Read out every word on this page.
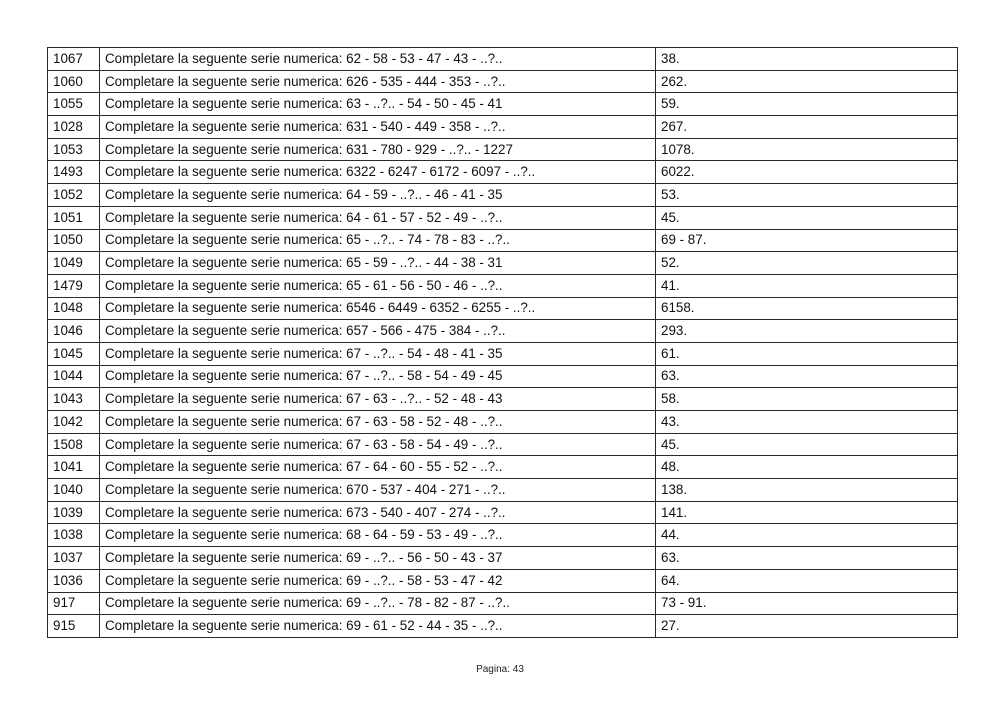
1067	Completare la seguente serie numerica: 62 - 58 - 53 - 47 - 43 - ..?..	38.
1060	Completare la seguente serie numerica: 626 - 535 - 444 - 353 - ..?..	262.
1055	Completare la seguente serie numerica: 63 - ..?.. - 54 - 50 - 45 - 41	59.
1028	Completare la seguente serie numerica: 631 - 540 - 449 - 358 - ..?..	267.
1053	Completare la seguente serie numerica: 631 - 780 - 929 - ..?.. - 1227	1078.
1493	Completare la seguente serie numerica: 6322 - 6247 - 6172 - 6097 - ..?..	6022.
1052	Completare la seguente serie numerica: 64 - 59 - ..?.. - 46 - 41 - 35	53.
1051	Completare la seguente serie numerica: 64 - 61 - 57 - 52 - 49 - ..?..	45.
1050	Completare la seguente serie numerica: 65 - ..?.. - 74 - 78 - 83 - ..?..	69 - 87.
1049	Completare la seguente serie numerica: 65 - 59 - ..?.. - 44 - 38 - 31	52.
1479	Completare la seguente serie numerica: 65 - 61 - 56 - 50 - 46 - ..?..	41.
1048	Completare la seguente serie numerica: 6546 - 6449 - 6352 - 6255 - ..?..	6158.
1046	Completare la seguente serie numerica: 657 - 566 - 475 - 384 - ..?..	293.
1045	Completare la seguente serie numerica: 67 - ..?.. - 54 - 48 - 41 - 35	61.
1044	Completare la seguente serie numerica: 67 - ..?.. - 58 - 54 - 49 - 45	63.
1043	Completare la seguente serie numerica: 67 - 63 - ..?.. - 52 - 48 - 43	58.
1042	Completare la seguente serie numerica: 67 - 63 - 58 - 52 - 48 - ..?..	43.
1508	Completare la seguente serie numerica: 67 - 63 - 58 - 54 - 49 - ..?..	45.
1041	Completare la seguente serie numerica: 67 - 64 - 60 - 55 - 52 - ..?..	48.
1040	Completare la seguente serie numerica: 670 - 537 - 404 - 271 - ..?..	138.
1039	Completare la seguente serie numerica: 673 - 540 - 407 - 274 - ..?..	141.
1038	Completare la seguente serie numerica: 68 - 64 - 59 - 53 - 49 - ..?..	44.
1037	Completare la seguente serie numerica: 69 - ..?.. - 56 - 50 - 43 - 37	63.
1036	Completare la seguente serie numerica: 69 - ..?.. - 58 - 53 - 47 - 42	64.
917	Completare la seguente serie numerica: 69 - ..?.. - 78 - 82 - 87 - ..?..	73 - 91.
915	Completare la seguente serie numerica: 69 - 61 - 52 - 44 - 35 - ..?..	27.
Pagina: 43
